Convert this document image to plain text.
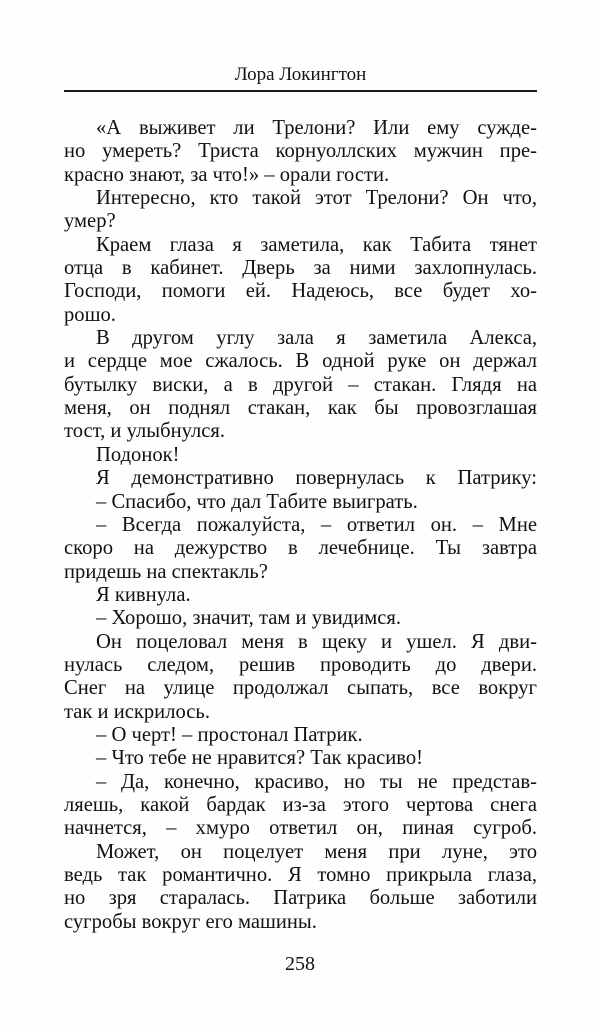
Лора Локингтон
«А выживет ли Трелони? Или ему сужде-
но умереть? Триста корнуоллских мужчин пре-
красно знают, за что!» – орали гости.
Интересно, кто такой этот Трелони? Он что,
умер?
Краем глаза я заметила, как Табита тянет
отца в кабинет. Дверь за ними захлопнулась.
Господи, помоги ей. Надеюсь, все будет хо-
рошо.
В другом углу зала я заметила Алекса,
и сердце мое сжалось. В одной руке он держал
бутылку виски, а в другой – стакан. Глядя на
меня, он поднял стакан, как бы провозглашая
тост, и улыбнулся.
Подонок!
Я демонстративно повернулась к Патрику:
– Спасибо, что дал Табите выиграть.
– Всегда пожалуйста, – ответил он. – Мне
скоро на дежурство в лечебнице. Ты завтра
придешь на спектакль?
Я кивнула.
– Хорошо, значит, там и увидимся.
Он поцеловал меня в щеку и ушел. Я дви-
нулась следом, решив проводить до двери.
Снег на улице продолжал сыпать, все вокруг
так и искрилось.
– О черт! – простонал Патрик.
– Что тебе не нравится? Так красиво!
– Да, конечно, красиво, но ты не представ-
ляешь, какой бардак из-за этого чертова снега
начнется, – хмуро ответил он, пиная сугроб.
Может, он поцелует меня при луне, это
ведь так романтично. Я томно прикрыла глаза,
но зря старалась. Патрика больше заботили
сугробы вокруг его машины.
258
